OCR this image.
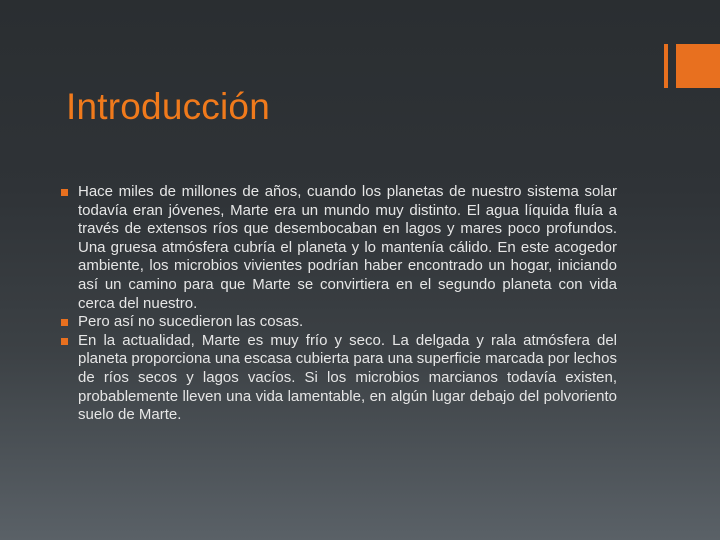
Introducción
Hace miles de millones de años, cuando los planetas de nuestro sistema solar todavía eran jóvenes, Marte era un mundo muy distinto. El agua líquida fluía a través de extensos ríos que desembocaban en lagos y mares poco profundos. Una gruesa atmósfera cubría el planeta y lo mantenía cálido. En este acogedor ambiente, los microbios vivientes podrían haber encontrado un hogar, iniciando así un camino para que Marte se convirtiera en el segundo planeta con vida cerca del nuestro.
Pero así no sucedieron las cosas.
En la actualidad, Marte es muy frío y seco. La delgada y rala atmósfera del planeta proporciona una escasa cubierta para una superficie marcada por lechos de ríos secos y lagos vacíos. Si los microbios marcianos todavía existen, probablemente lleven una vida lamentable, en algún lugar debajo del polvoriento suelo de Marte.
